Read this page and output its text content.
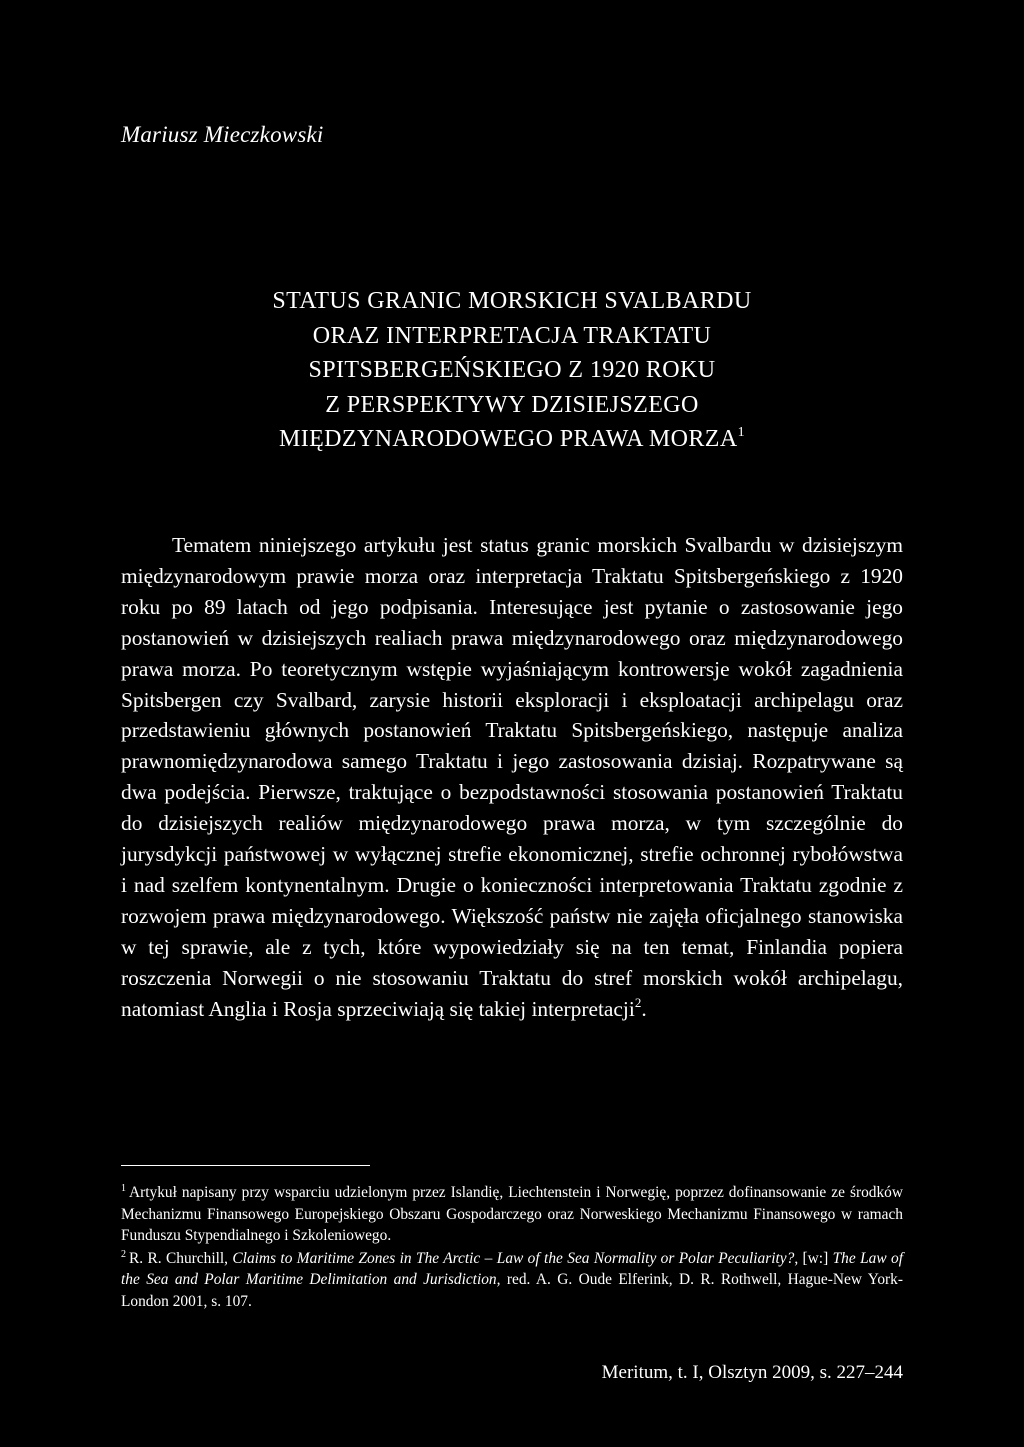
Mariusz Mieczkowski
STATUS GRANIC MORSKICH SVALBARDU
ORAZ INTERPRETACJA TRAKTATU
SPITSBERGEŃSKIEGO Z 1920 ROKU
Z PERSPEKTYWY DZISIEJSZEGO
MIĘDZYNARODOWEGO PRAWA MORZA$^1$

Tematem niniejszego artykułu jest status granic morskich Svalbardu w dzisiejszym międzynarodowym prawie morza oraz interpretacja Traktatu Spitsbergeńskiego z 1920 roku po 89 latach od jego podpisania. Interesujące jest pytanie o zastosowanie jego postanowień w dzisiejszych realiach prawa międzynarodowego oraz międzynarodowego prawa morza. Po teoretycznym wstępie wyjaśniającym kontrowersje wokół zagadnienia Spitsbergen czy Svalbard, zarysie historii eksploracji i eksploatacji archipelagu oraz przedstawieniu głównych postanowień Traktatu Spitsbergeńskiego, następuje analiza prawnomiędzynarodowa samego Traktatu i jego zastosowania dzisiaj. Rozpatrywane są dwa podejścia. Pierwsze, traktujące o bezpodstawności stosowania postanowień Traktatu do dzisiejszych realiów międzynarodowego prawa morza, w tym szczególnie do jurysdykcji państwowej w wyłącznej strefie ekonomicznej, strefie ochronnej rybołówstwa i nad szelfem kontynentalnym. Drugie o konieczności interpretowania Traktatu zgodnie z rozwojem prawa międzynarodowego. Większość państw nie zajęła oficjalnego stanowiska w tej sprawie, ale z tych, które wypowiedziały się na ten temat, Finlandia popiera roszczenia Norwegii o nie stosowaniu Traktatu do stref morskich wokół archipelagu, natomiast Anglia i Rosja sprzeciwiają się takiej interpretacji$^2$.

$^1$ Artykuł napisany przy wsparciu udzielonym przez Islandię, Liechtenstein i Norwegię, poprzez dofinansowanie ze środków Mechanizmu Finansowego Europejskiego Obszaru Gospodarczego oraz Norweskiego Mechanizmu Finansowego w ramach Funduszu Stypendialnego i Szkoleniowego.

$^2$ R. R. Churchill, Claims to Maritime Zones in The Arctic – Law of the Sea Normality or Polar Peculiarity?, [w:] The Law of the Sea and Polar Maritime Delimitation and Jurisdiction, red. A. G. Oude Elferink, D. R. Rothwell, Hague-New York-London 2001, s. 107.

Meritum, t. I, Olsztyn 2009, s. 227–244
